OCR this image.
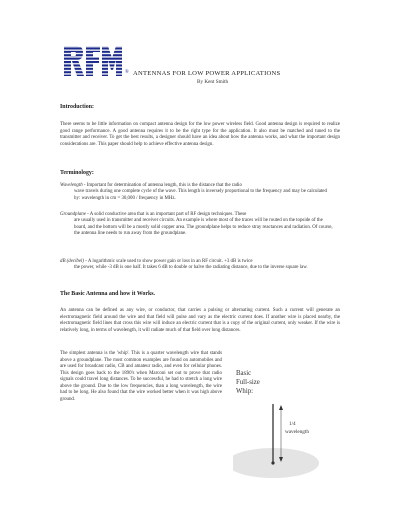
® ANTENNAS FOR LOW POWER APPLICATIONS
By Kent Smith
Introduction:

There seems to be little information on compact antenna design for the low power wireless field. Good antenna design is required to realize good range performance. A good antenna requires it to be the right type for the application. It also must be matched and tuned to the transmitter and receiver. To get the best results, a designer should have an idea about how the antenna works, and what the important design considerations are. This paper should help to achieve effective antenna design.

Terminology:
Wavelength - Important for determination of antenna length, this is the distance that the radio
wave travels during one complete cycle of the wave. This length is inversely proportional to the frequency and may be calculated by: wavelength in cm = 30,000 / frequency in MHz.
Groundplane - A solid conductive area that is an important part of RF design techniques. These
are usually used in transmitter and receiver circuits. An example is where most of the traces will be routed on the topside of the board, and the bottom will be a mostly solid copper area. The groundplane helps to reduce stray reactances and radiation. Of course, the antenna line needs to run away from the groundplane.
dB (decibel) - A logarithmic scale used to show power gain or loss in an RF circuit. +3 dB is twice
the power, while -3 dB is one half. It takes 6 dB to double or halve the radiating distance, due to the inverse square law.
The Basic Antenna and how it Works.

An antenna can be defined as any wire, or conductor, that carries a pulsing or alternating current. Such a current will generate an electromagnetic field around the wire and that field will pulse and vary as the electric current does. If another wire is placed nearby, the electromagnetic field lines that cross this wire will induce an electric current that is a copy of the original current, only weaker. If the wire is relatively long, in terms of wavelength, it will radiate much of that field over long distances.

The simplest antenna is the 'whip'. This is a quarter wavelength wire that stands above a groundplane. The most common examples are found on automobiles and are used for broadcast radio, CB and amateur radio, and even for cellular phones. This design goes back to the 1890's when Marconi set out to prove that radio signals could travel long distances. To be successful, he had to stretch a long wire above the ground. Due to the low frequencies, than a long wavelength, the wire had to be long. He also found that the wire worked better when it was high above ground.

Basic
Full-size
Whip:
1/4
wavelength
